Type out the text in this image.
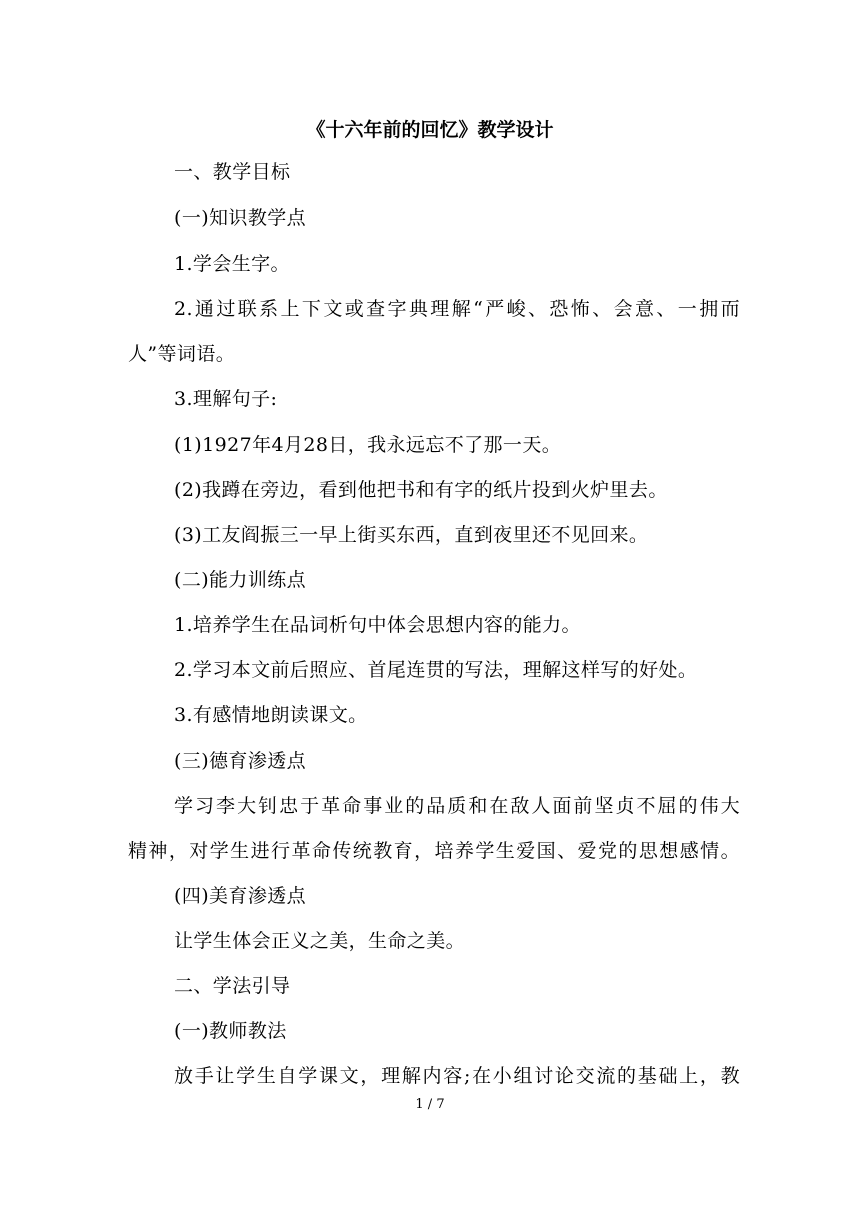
《十六年前的回忆》教学设计

一、教学目标

(一)知识教学点

1.学会生字。

2.通过联系上下文或查字典理解“严峻、恐怖、会意、一拥而

人”等词语。

3.理解句子:

(1)1927年4月28日，我永远忘不了那一天。

(2)我蹲在旁边，看到他把书和有字的纸片投到火炉里去。

(3)工友阎振三一早上街买东西，直到夜里还不见回来。

(二)能力训练点

1.培养学生在品词析句中体会思想内容的能力。

2.学习本文前后照应、首尾连贯的写法，理解这样写的好处。

3.有感情地朗读课文。

(三)德育渗透点

学习李大钊忠于革命事业的品质和在敌人面前坚贞不屈的伟大

精神，对学生进行革命传统教育，培养学生爱国、爱党的思想感情。

(四)美育渗透点

让学生体会正义之美，生命之美。

二、学法引导

(一)教师教法

放手让学生自学课文，理解内容;在小组讨论交流的基础上，教

1 / 7
